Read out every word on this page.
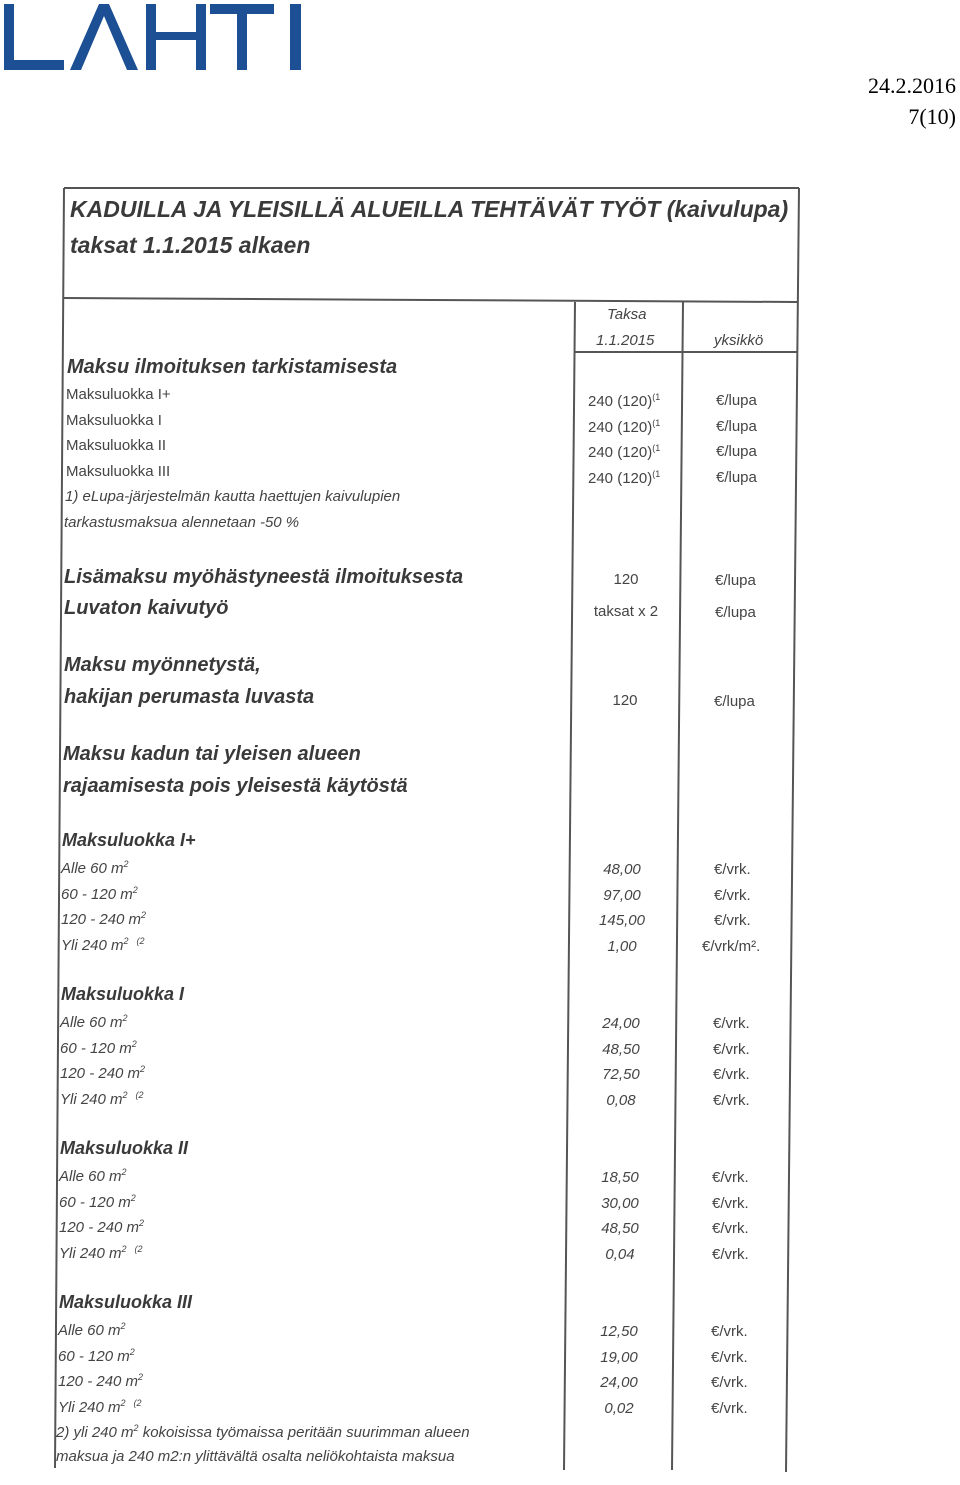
24.2.2016
7(10)
KADUILLA JA YLEISILLÄ ALUEILLA TEHTÄVÄT TYÖT (kaivulupa)
taksat 1.1.2015 alkaen
Taksa
1.1.2015	yksikkö
Maksu ilmoituksen tarkistamisesta
Maksuluokka I+	240 $(120)^{(1}$	€/lupa
Maksuluokka I	240 $(120)^{(1}$	€/lupa
Maksuluokka II	240 $(120)^{(1}$	€/lupa
Maksuluokka III	240 $(120)^{(1}$	€/lupa
1) eLupa-järjestelmän kautta haettujen kaivulupien
tarkastusmaksua alennetaan -50 %
Lisämaksu myöhästyneestä ilmoituksesta	120	€/lupa
Luvaton kaivutyö	taksat x 2	€/lupa
Maksu myönnetystä,
hakijan perumasta luvasta	120	€/lupa
Maksu kadun tai yleisen alueen
rajaamisesta pois yleisestä käytöstä
Maksuluokka I+
Alle 60 $m^2$	48,00	€/vrk.
60 - 120 $m^2$	97,00	€/vrk.
120 - 240 $m^2$	145,00	€/vrk.
Yli 240 $m^2$ $^{(2}$	1,00	€/vrk/m².
Maksuluokka I
Alle 60 $m^2$	24,00	€/vrk.
60 - 120 $m^2$	48,50	€/vrk.
120 - 240 $m^2$	72,50	€/vrk.
Yli 240 $m^2$ $^{(2}$	0,08	€/vrk.
Maksuluokka II
Alle 60 $m^2$	18,50	€/vrk.
60 - 120 $m^2$	30,00	€/vrk.
120 - 240 $m^2$	48,50	€/vrk.
Yli 240 $m^2$ $^{(2}$	0,04	€/vrk.
Maksuluokka III
Alle 60 $m^2$	12,50	€/vrk.
60 - 120 $m^2$	19,00	€/vrk.
120 - 240 $m^2$	24,00	€/vrk.
Yli 240 $m^2$ $^{(2}$	0,02	€/vrk.
2) yli 240 $m^2$ kokoisissa työmaissa peritään suurimman alueen
maksua ja 240 m2:n ylittävältä osalta neliökohtaista maksua
